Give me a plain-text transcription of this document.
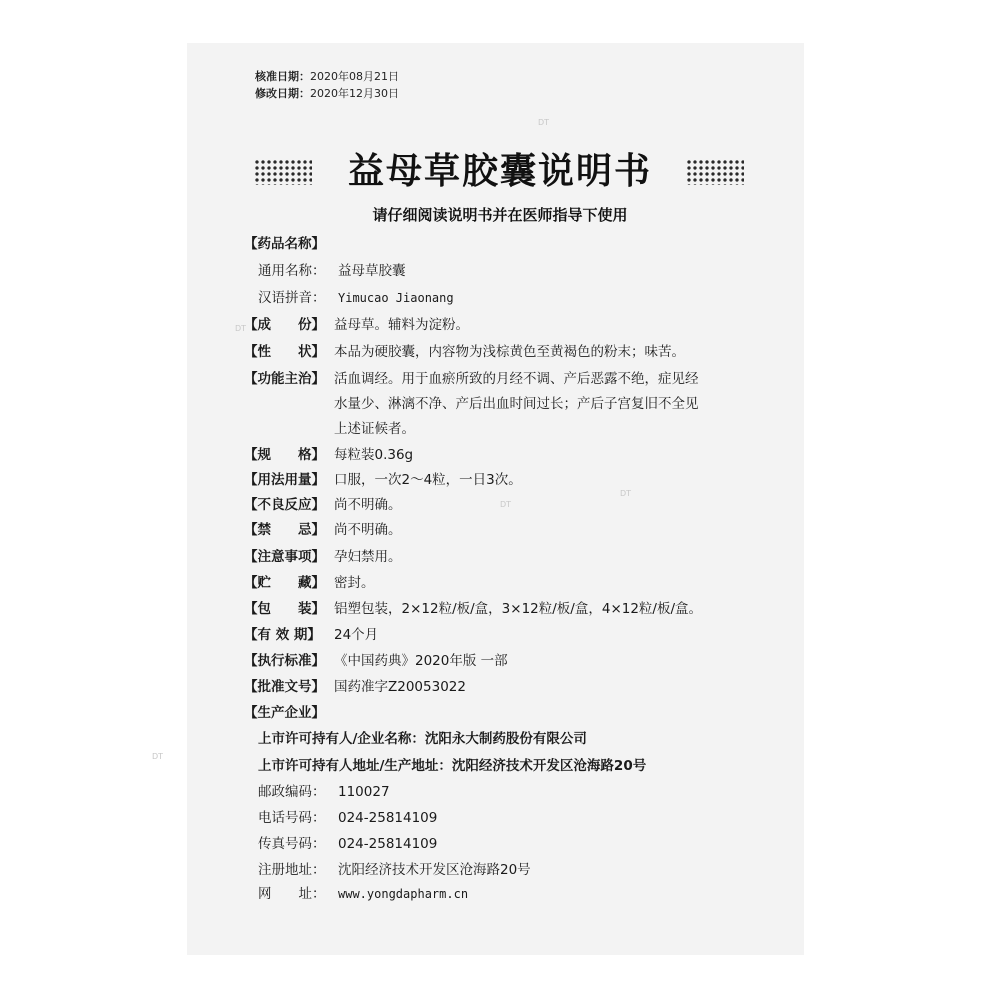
DT
DT
DT
DT
DT
核准日期：2020年08月21日
修改日期：2020年12月30日
益母草胶囊说明书
请仔细阅读说明书并在医师指导下使用
【药品名称】
通用名称： 益母草胶囊
汉语拼音： Yimucao Jiaonang
【成　　份】 益母草。辅料为淀粉。
【性　　状】 本品为硬胶囊，内容物为浅棕黄色至黄褐色的粉末；味苦。
【功能主治】 活血调经。用于血瘀所致的月经不调、产后恶露不绝，症见经
水量少、淋漓不净、产后出血时间过长；产后子宫复旧不全见
上述证候者。
【规　　格】 每粒装0.36g
【用法用量】 口服，一次2～4粒，一日3次。
【不良反应】 尚不明确。
【禁　　忌】 尚不明确。
【注意事项】 孕妇禁用。
【贮　　藏】 密封。
【包　　装】 铝塑包装，2×12粒/板/盒，3×12粒/板/盒，4×12粒/板/盒。
【有 效 期】 24个月
【执行标准】 《中国药典》2020年版 一部
【批准文号】 国药准字Z20053022
【生产企业】
上市许可持有人/企业名称：沈阳永大制药股份有限公司
上市许可持有人地址/生产地址：沈阳经济技术开发区沧海路20号
邮政编码： 110027
电话号码： 024-25814109
传真号码： 024-25814109
注册地址： 沈阳经济技术开发区沧海路20号
网　　址： www.yongdapharm.cn
